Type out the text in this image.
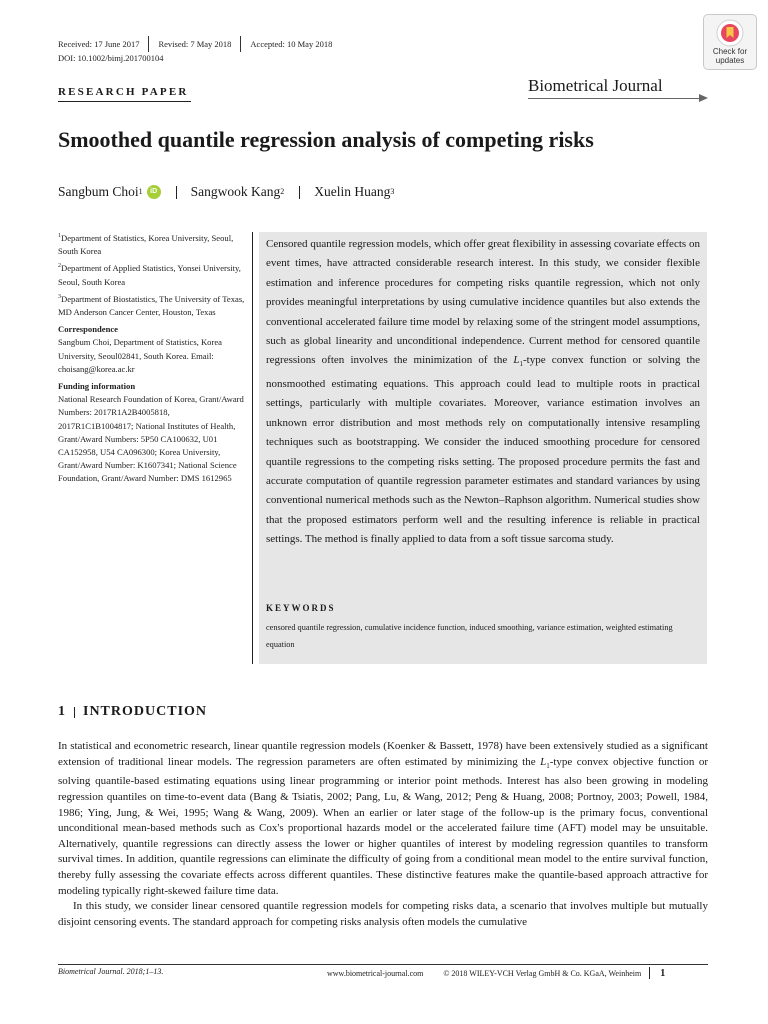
Received: 17 June 2017 Revised: 7 May 2018 Accepted: 10 May 2018
DOI: 10.1002/bimj.201700104
Check for
updates
RESEARCH PAPER	Biometrical Journal
Smoothed quantile regression analysis of competing risks
Sangbum Choi 1	iD Sangwook Kang 2 Xuelin Huang 3
$^1$Department of Statistics, Korea University, Seoul, South Korea
$^2$Department of Applied Statistics, Yonsei University, Seoul, South Korea
$^3$Department of Biostatistics, The University of Texas, MD Anderson Cancer Center, Houston, Texas
Correspondence
Sangbum Choi, Department of Statistics, Korea University, Seoul02841, South Korea. Email: choisang@korea.ac.kr
Funding information
National Research Foundation of Korea, Grant/Award Numbers: 2017R1A2B4005818, 2017R1C1B1004817; National Institutes of Health, Grant/Award Numbers: 5P50 CA100632, U01 CA152958, U54 CA096300; Korea University, Grant/Award Number: K1607341; National Science Foundation, Grant/Award Number: DMS 1612965
Censored quantile regression models, which offer great flexibility in assessing covariate effects on event times, have attracted considerable research interest. In this study, we consider flexible estimation and inference procedures for competing risks quantile regression, which not only provides meaningful interpretations by using cumulative incidence quantiles but also extends the conventional accelerated failure time model by relaxing some of the stringent model assumptions, such as global linearity and unconditional independence. Current method for censored quantile regressions often involves the minimization of the $L_1$-type convex function or solving the nonsmoothed estimating equations. This approach could lead to multiple roots in practical settings, particularly with multiple covariates. Moreover, variance estimation involves an unknown error distribution and most methods rely on computationally intensive resampling techniques such as bootstrapping. We consider the induced smoothing procedure for censored quantile regressions to the competing risks setting. The proposed procedure permits the fast and accurate computation of quantile regression parameter estimates and standard variances by using conventional numerical methods such as the Newton–Raphson algorithm. Numerical studies show that the proposed estimators perform well and the resulting inference is reliable in practical settings. The method is finally applied to data from a soft tissue sarcoma study.
KEYWORDS
censored quantile regression, cumulative incidence function, induced smoothing, variance estimation, weighted estimating equation
1 INTRODUCTION

In statistical and econometric research, linear quantile regression models (Koenker & Bassett, 1978) have been extensively studied as a significant extension of traditional linear models. The regression parameters are often estimated by minimizing the $L_1$-type convex objective function or solving quantile-based estimating equations using linear programming or interior point methods. Interest has also been growing in modeling regression quantiles on time-to-event data (Bang & Tsiatis, 2002; Pang, Lu, & Wang, 2012; Peng & Huang, 2008; Portnoy, 2003; Powell, 1984, 1986; Ying, Jung, & Wei, 1995; Wang & Wang, 2009). When an earlier or later stage of the follow-up is the primary focus, conventional unconditional mean-based methods such as Cox's proportional hazards model or the accelerated failure time (AFT) model may be unsuitable. Alternatively, quantile regressions can directly assess the lower or higher quantiles of interest by modeling regression quantiles to transform survival times. In addition, quantile regressions can eliminate the difficulty of going from a conditional mean model to the entire survival function, thereby fully assessing the covariate effects across different quantiles. These distinctive features make the quantile-based approach attractive for modeling typically right-skewed failure time data.

In this study, we consider linear censored quantile regression models for competing risks data, a scenario that involves multiple but mutually disjoint censoring events. The standard approach for competing risks analysis often models the cumulative

Biometrical Journal. 2018;1–13.	www.biometrical-journal.com	© 2018 WILEY-VCH Verlag GmbH & Co. KGaA, Weinheim 1
